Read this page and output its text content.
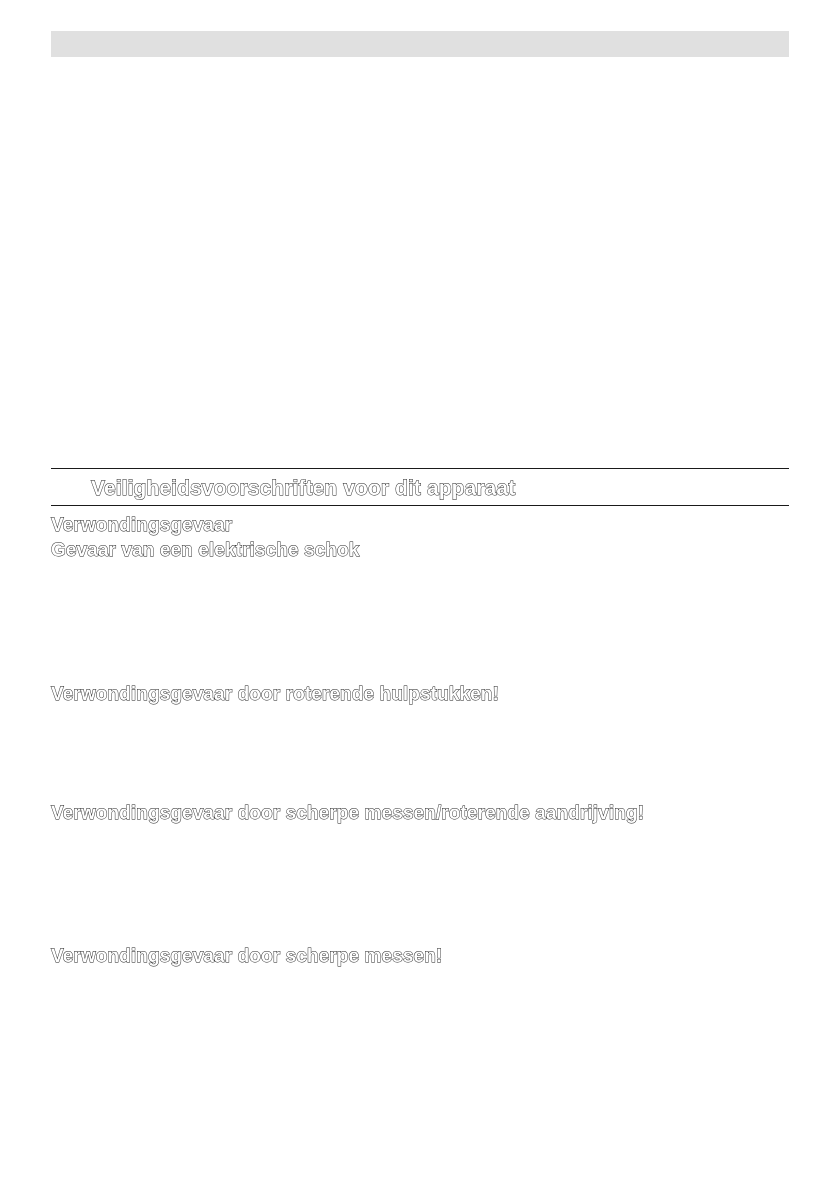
Veiligheidsvoorschriften voor dit apparaat

Verwondingsgevaar

Gevaar van een elektrische schok

Verwondingsgevaar door roterende hulpstukken!

Verwondingsgevaar door scherpe messen/roterende aandrijving!

Verwondingsgevaar door scherpe messen!
